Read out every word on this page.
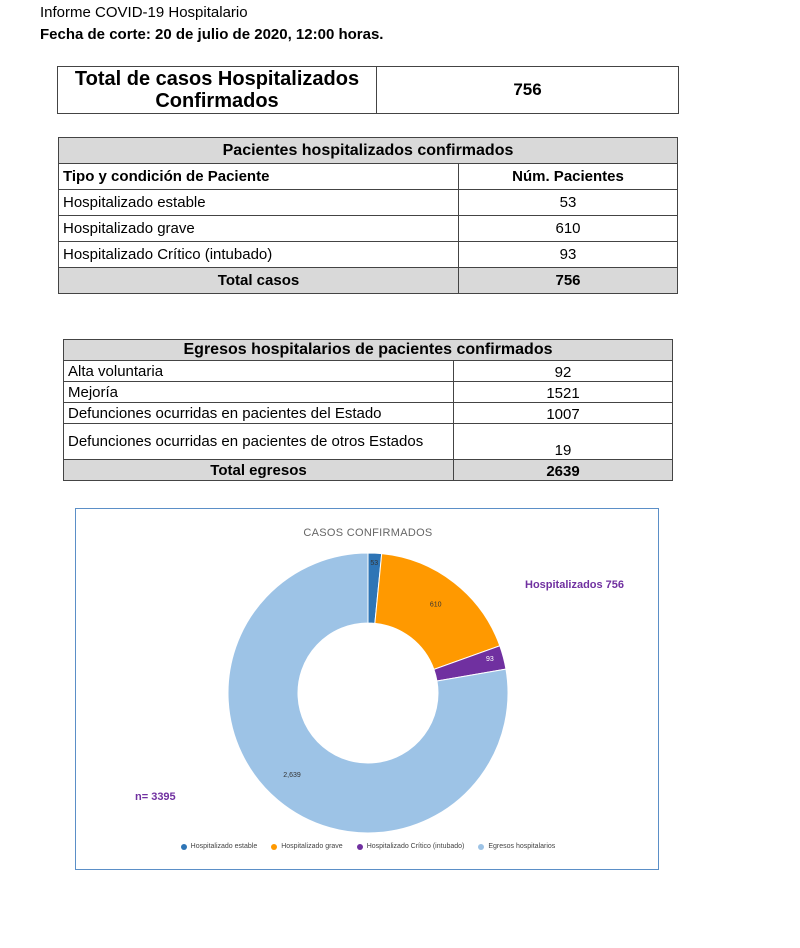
Informe COVID-19 Hospitalario
Fecha de corte: 20 de julio de 2020, 12:00 horas.
Total de casos Hospitalizados Confirmados	756
Pacientes hospitalizados confirmados	
Tipo y condición de Paciente	Núm. Pacientes
Hospitalizado estable	53
Hospitalizado grave	610
Hospitalizado Crítico (intubado)	93
Total casos	756
Egresos hospitalarios de pacientes confirmados	
Alta voluntaria	92
Mejoría	1521
Defunciones ocurridas en pacientes del Estado	1007
Defunciones ocurridas en pacientes de otros Estados	19
Total egresos	2639
CASOS CONFIRMADOS
53
610
93
2,639
Hospitalizados 756
n= 3395
Hospitalizado estable	Hospitalizado grave	Hospitalizado Crítico (intubado)	Egresos hospitalarios
